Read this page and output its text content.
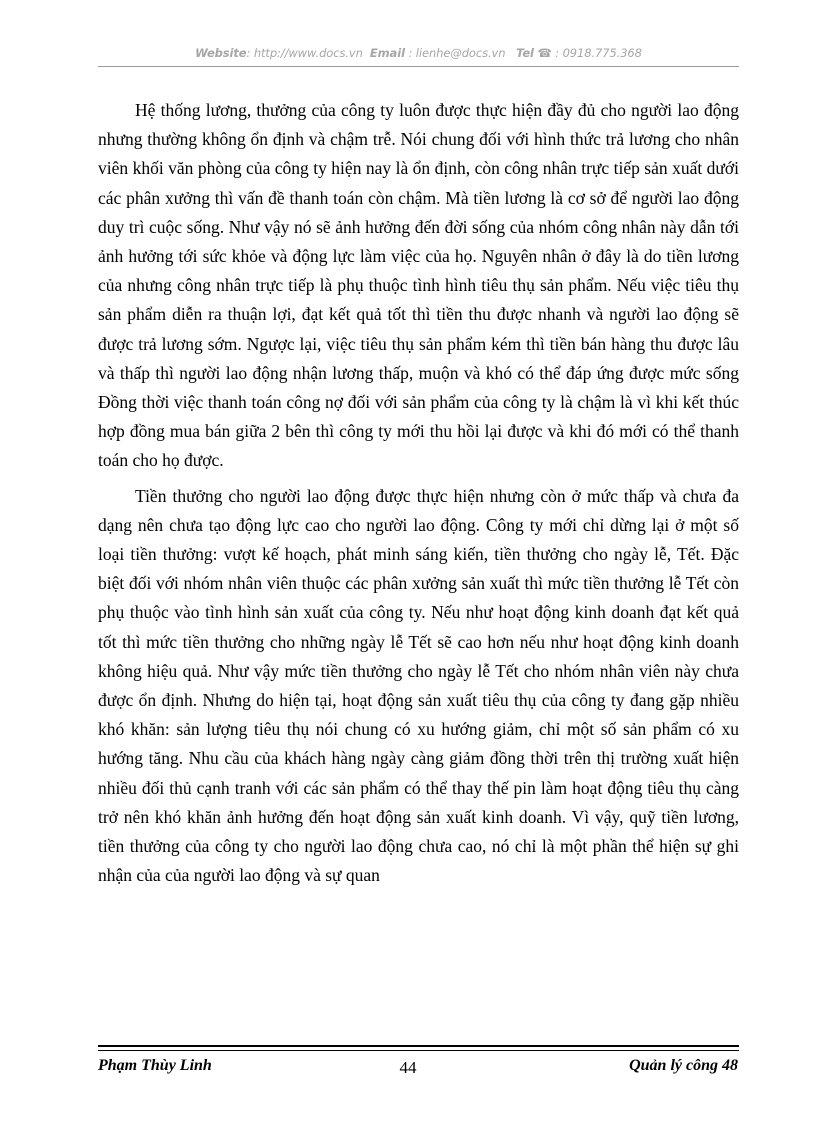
Website: http://www.docs.vn Email : lienhe@docs.vn Tel ☎ : 0918.775.368

Hệ thống lương, thưởng của công ty luôn được thực hiện đầy đủ cho người lao động nhưng thường không ổn định và chậm trễ. Nói chung đối với hình thức trả lương cho nhân viên khối văn phòng của công ty hiện nay là ổn định, còn công nhân trực tiếp sản xuất dưới các phân xưởng thì vấn đề thanh toán còn chậm. Mà tiền lương là cơ sở để người lao động duy trì cuộc sống. Như vậy nó sẽ ảnh hưởng đến đời sống của nhóm công nhân này dẫn tới ảnh hưởng tới sức khỏe và động lực làm việc của họ. Nguyên nhân ở đây là do tiền lương của nhưng công nhân trực tiếp là phụ thuộc tình hình tiêu thụ sản phẩm. Nếu việc tiêu thụ sản phẩm diễn ra thuận lợi, đạt kết quả tốt thì tiền thu được nhanh và người lao động sẽ được trả lương sớm. Ngược lại, việc tiêu thụ sản phẩm kém thì tiền bán hàng thu được lâu và thấp thì người lao động nhận lương thấp, muộn và khó có thể đáp ứng được mức sống Đồng thời việc thanh toán công nợ đối với sản phẩm của công ty là chậm là vì khi kết thúc hợp đồng mua bán giữa 2 bên thì công ty mới thu hồi lại được và khi đó mới có thể thanh toán cho họ được.

Tiền thưởng cho người lao động được thực hiện nhưng còn ở mức thấp và chưa đa dạng nên chưa tạo động lực cao cho người lao động. Công ty mới chỉ dừng lại ở một số loại tiền thưởng: vượt kế hoạch, phát minh sáng kiến, tiền thưởng cho ngày lễ, Tết. Đặc biệt đối với nhóm nhân viên thuộc các phân xưởng sản xuất thì mức tiền thưởng lễ Tết còn phụ thuộc vào tình hình sản xuất của công ty. Nếu như hoạt động kinh doanh đạt kết quả tốt thì mức tiền thưởng cho những ngày lễ Tết sẽ cao hơn nếu như hoạt động kinh doanh không hiệu quả. Như vậy mức tiền thưởng cho ngày lễ Tết cho nhóm nhân viên này chưa được ổn định. Nhưng do hiện tại, hoạt động sản xuất tiêu thụ của công ty đang gặp nhiều khó khăn: sản lượng tiêu thụ nói chung có xu hướng giảm, chỉ một số sản phẩm có xu hướng tăng. Nhu cầu của khách hàng ngày càng giảm đồng thời trên thị trường xuất hiện nhiều đối thủ cạnh tranh với các sản phẩm có thể thay thế pin làm hoạt động tiêu thụ càng trở nên khó khăn ảnh hưởng đến hoạt động sản xuất kinh doanh. Vì vậy, quỹ tiền lương, tiền thưởng của công ty cho người lao động chưa cao, nó chỉ là một phần thể hiện sự ghi nhận của của người lao động và sự quan

Phạm Thùy Linh	44	Quản lý công 48
